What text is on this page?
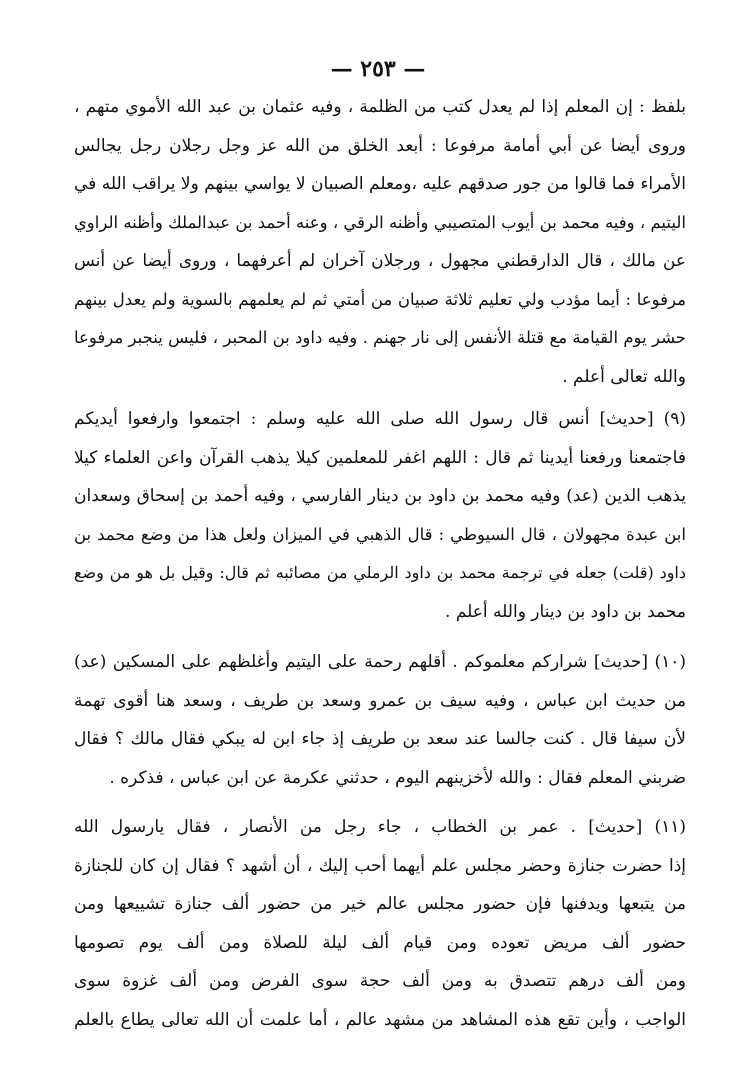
— ٢٥٣ —
بلفظ : إن المعلم إذا لم يعدل كتب من الظلمة ، وفيه عثمان بن عبد الله الأموي متهم ،
وروى أيضا عن أبي أمامة مرفوعا : أبعد الخلق من الله عز وجل رجلان رجل يجالس
الأمراء فما قالوا من جور صدقهم عليه ،ومعلم الصبيان لا يواسي بينهم ولا يراقب الله في
اليتيم ، وفيه محمد بن أيوب المتصيبي وأظنه الرقي ، وعنه أحمد بن عبدالملك وأظنه الراوي
عن مالك ، قال الدارقطني مجهول ، ورجلان آخران لم أعرفهما ، وروى أيضا عن أنس
مرفوعا : أيما مؤدب ولي تعليم ثلاثة صبيان من أمتي ثم لم يعلمهم بالسوية ولم يعدل بينهم
حشر يوم القيامة مع قتلة الأنفس إلى نار جهنم . وفيه داود بن المحبر ، فليس ينجبر مرفوعا
والله تعالى أعلم .
(٩) [حديث] أنس قال رسول الله صلى الله عليه وسلم : اجتمعوا وارفعوا أيديكم
فاجتمعنا ورفعنا أيدينا ثم قال : اللهم اغفر للمعلمين كيلا يذهب القرآن واعن العلماء كيلا
يذهب الدين (عد) وفيه محمد بن داود بن دينار الفارسي ، وفيه أحمد بن إسحاق وسعدان
ابن عبدة مجهولان ، قال السيوطي : قال الذهبي في الميزان ولعل هذا من وضع محمد بن
داود (قلت) جعله في ترجمة محمد بن داود الرملي من مصائبه ثم قال: وقيل بل هو من وضع
محمد بن داود بن دينار والله أعلم .
(١٠) [حديث] شراركم معلموكم . أقلهم رحمة على اليتيم وأغلظهم على المسكين (عد)
من حديث ابن عباس ، وفيه سيف بن عمرو وسعد بن طريف ، وسعد هنا أقوى تهمة
لأن سيفا قال . كنت جالسا عند سعد بن طريف إذ جاء ابن له يبكي فقال مالك ؟ فقال
ضربني المعلم فقال : والله لأخزينهم اليوم ، حدثني عكرمة عن ابن عباس ، فذكره .
(١١) [حديث] . عمر بن الخطاب ، جاء رجل من الأنصار ، فقال يارسول الله
إذا حضرت جنازة وحضر مجلس علم أيهما أحب إليك ، أن أشهد ؟ فقال إن كان للجنازة
من يتبعها ويدفنها فإن حضور مجلس عالم خير من حضور ألف جنازة تشييعها ومن
حضور ألف مريض تعوده ومن قيام ألف ليلة للصلاة ومن ألف يوم تصومها
ومن ألف درهم تتصدق به ومن ألف حجة سوى الفرض ومن ألف غزوة سوى
الواجب ، وأين تقع هذه المشاهد من مشهد عالم ، أما علمت أن الله تعالى يطاع بالعلم
